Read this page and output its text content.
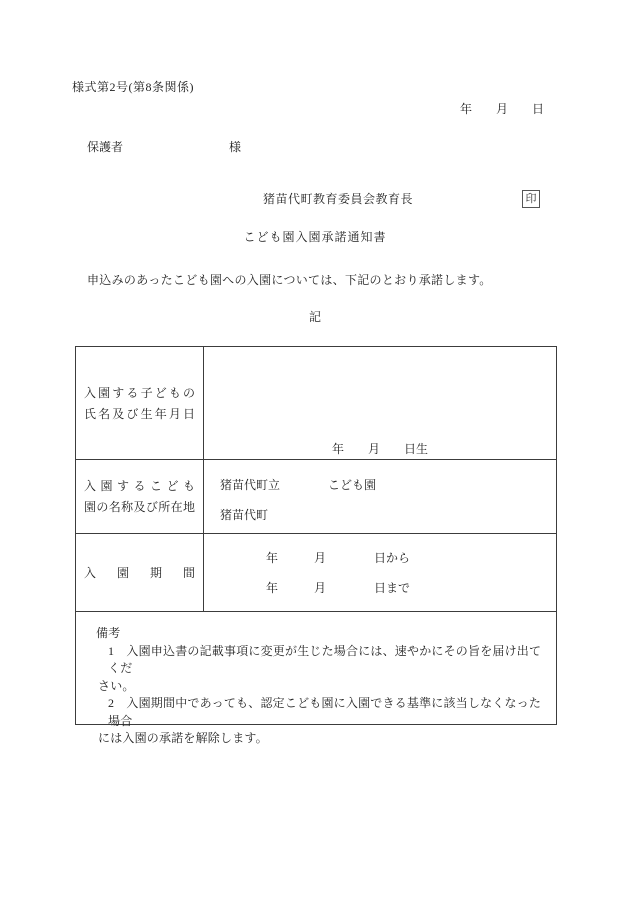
様式第2号(第8条関係)
年　　月　　日
保護者	様
猪苗代町教育委員会教育長	印
こども園入園承諾通知書
申込みのあったこども園への入園については、下記のとおり承諾します。
記
入園する子どもの
氏名及び生年月日
年　　月　　日生
入園するこども
園の名称及び所在地
猪苗代町立　　　　こども園
猪苗代町
入園期間
年　　　月　　　　日から
年　　　月　　　　日まで
備考
1　入園申込書の記載事項に変更が生じた場合には、速やかにその旨を届け出てくだ
さい。
2　入園期間中であっても、認定こども園に入園できる基準に該当しなくなった場合
には入園の承諾を解除します。
